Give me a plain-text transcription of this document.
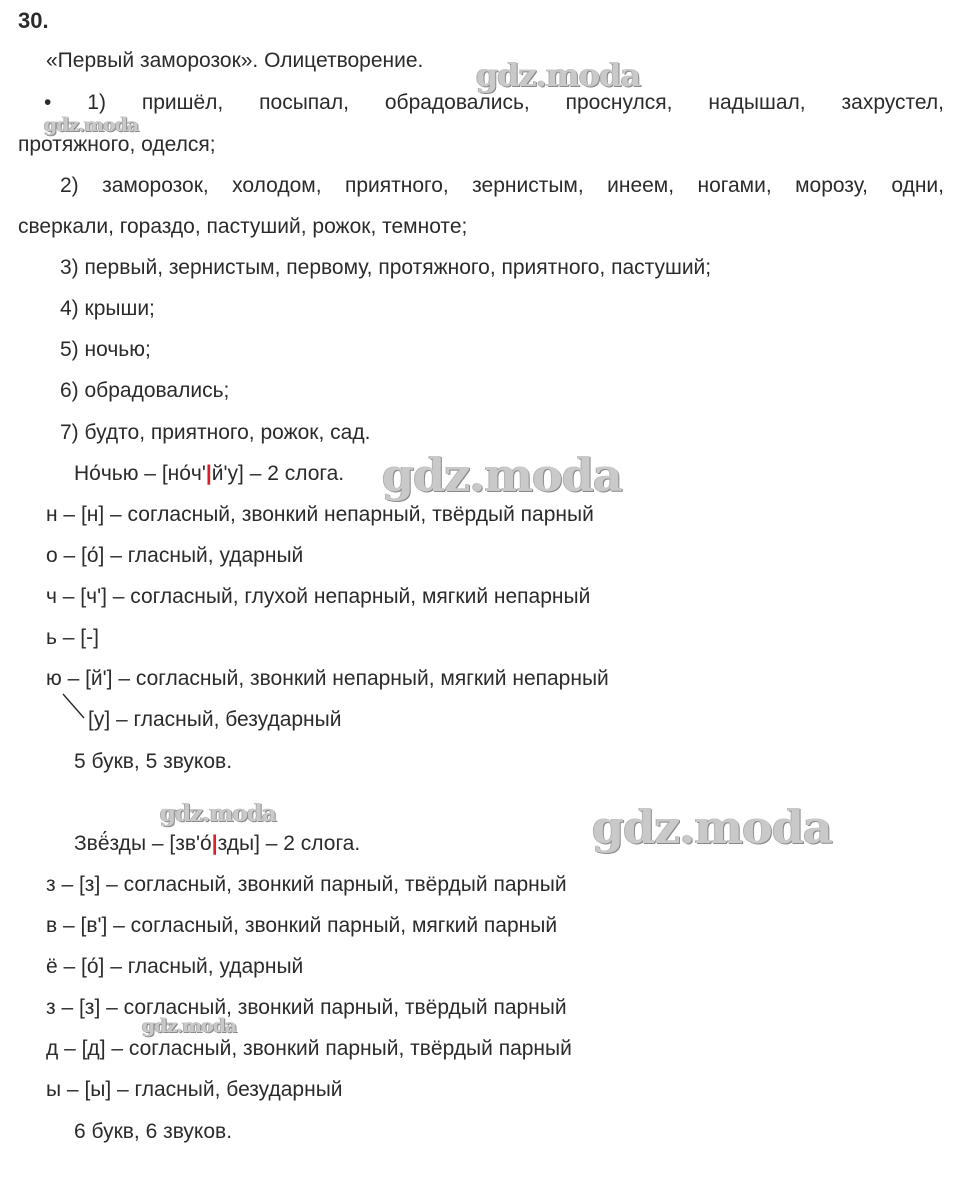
30.
«Первый заморозок». Олицетворение.
• 1) пришёл, посыпал, обрадовались, проснулся, надышал, захрустел,
протяжного, оделся;
2) заморозок, холодом, приятного, зернистым, инеем, ногами, морозу, одни,
сверкали, гораздо, пастуший, рожок, темноте;
3) первый, зернистым, первому, протяжного, приятного, пастуший;
4) крыши;
5) ночью;
6) обрадовались;
7) будто, приятного, рожок, сад.
Но́чью – [но́ч'|й'у] – 2 слога.
н – [н] – согласный, звонкий непарный, твёрдый парный
о – [о́] – гласный, ударный
ч – [ч'] – согласный, глухой непарный, мягкий непарный
ь – [-]
ю – [й'] – согласный, звонкий непарный, мягкий непарный
[у] – гласный, безударный
5 букв, 5 звуков.
Звё́зды – [зв'о́|зды] – 2 слога.
з – [з] – согласный, звонкий парный, твёрдый парный
в – [в'] – согласный, звонкий парный, мягкий парный
ё – [о́] – гласный, ударный
з – [з] – согласный, звонкий парный, твёрдый парный
д – [д] – согласный, звонкий парный, твёрдый парный
ы – [ы] – гласный, безударный
6 букв, 6 звуков.
gdz.moda
gdz.moda
gdz.moda
gdz.moda	gdz.moda
gdz.moda
